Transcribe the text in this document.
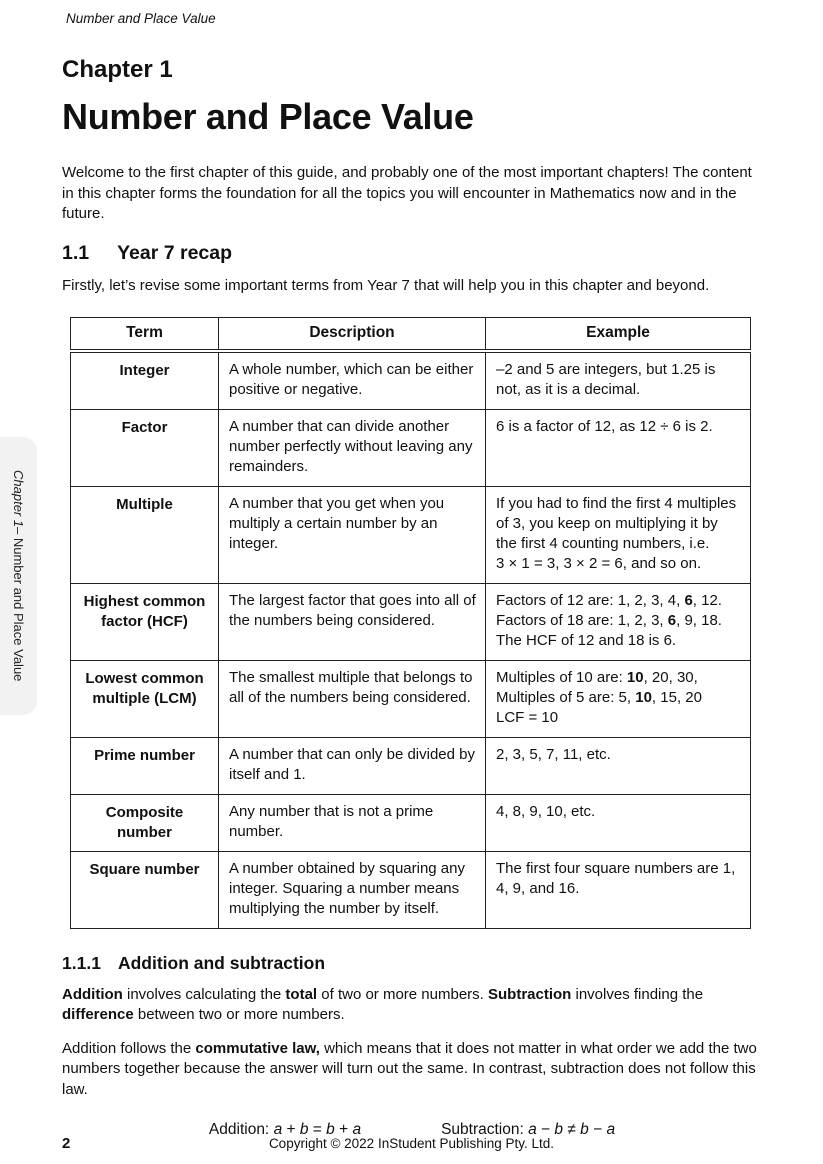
Number and Place Value
Chapter 1
– Number and Place Value
Chapter 1
Number and Place Value

Welcome to the first chapter of this guide, and probably one of the most important chapters! The content in this chapter forms the foundation for all the topics you will encounter in Mathematics now and in the future.

1.1 Year 7 recap

Firstly, let’s revise some important terms from Year 7 that will help you in this chapter and beyond.

Term	Description	Example
Integer	A whole number, which can be either positive or negative.	–2 and 5 are integers, but 1.25 is not, as it is a decimal.
Factor	A number that can divide another number perfectly without leaving any remainders.	6 is a factor of 12, as 12 ÷ 6 is 2.
Multiple	A number that you get when you multiply a certain number by an integer.	If you had to find the first 4 multiples of 3, you keep on multiplying it by the first 4 counting numbers, i.e.
3 × 1 = 3, 3 × 2 = 6, and so on.
Highest common
factor (HCF)	The largest factor that goes into all of the numbers being considered.	Factors of 12 are: 1, 2, 3, 4, 6, 12.
Factors of 18 are: 1, 2, 3, 6, 9, 18.
The HCF of 12 and 18 is 6.
Lowest common
multiple (LCM)	The smallest multiple that belongs to all of the numbers being considered.	Multiples of 10 are: 10, 20, 30,
Multiples of 5 are: 5, 10, 15, 20
LCF = 10
Prime number	A number that can only be divided by itself and 1.	2, 3, 5, 7, 11, etc.
Composite
number	Any number that is not a prime number.	4, 8, 9, 10, etc.
Square number	A number obtained by squaring any integer. Squaring a number means multiplying the number by itself.	The first four square numbers are 1, 4, 9, and 16.
1.1.1 Addition and subtraction

Addition involves calculating the total of two or more numbers. Subtraction involves finding the difference between two or more numbers.

Addition follows the commutative law, which means that it does not matter in what order we add the two numbers together because the answer will turn out the same. In contrast, subtraction does not follow this law.

Addition: a + b = b + a	Subtraction: a − b ≠ b − a
2	Copyright © 2022 InStudent Publishing Pty. Ltd.
